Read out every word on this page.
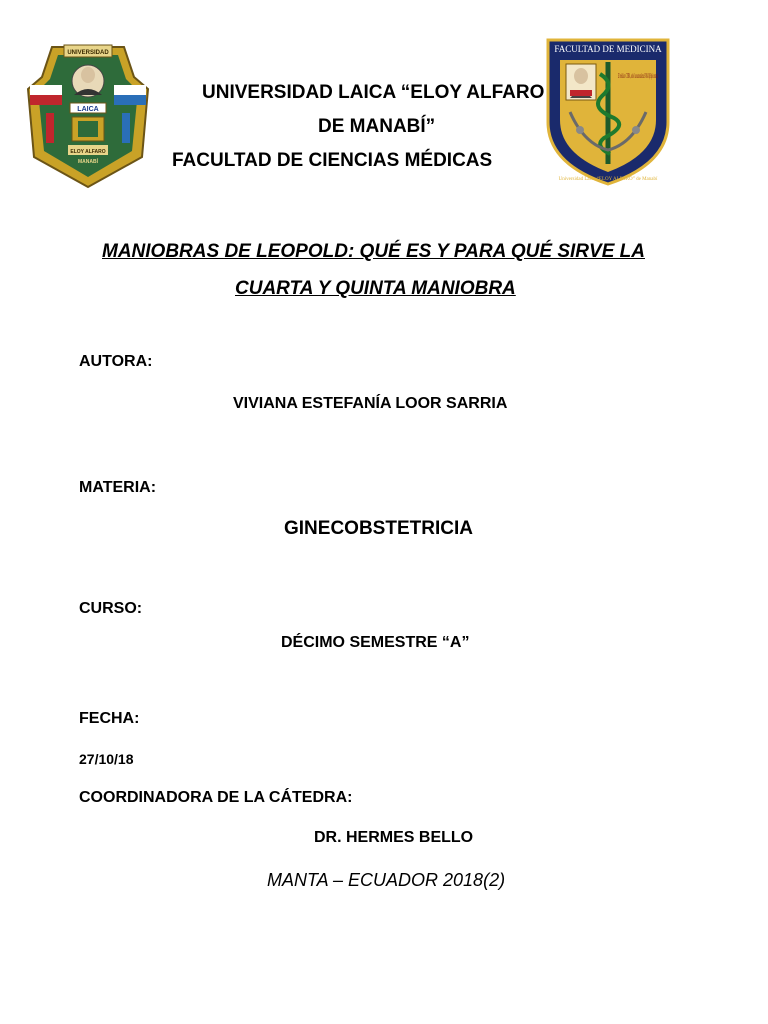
UNIVERSIDAD
LAICA
ELOY ALFARO
MANABÍ
FACULTAD DE MEDICINA
El médico CURA, solo la naturaleza SANA (Hipócrates)
Universidad Laica “ELOY ALFARO” de Manabí
UNIVERSIDAD LAICA “ELOY ALFARO
DE MANABÍ”
FACULTAD DE CIENCIAS MÉDICAS
MANIOBRAS DE LEOPOLD: QUÉ ES Y PARA QUÉ SIRVE LA
CUARTA Y QUINTA MANIOBRA
AUTORA:
VIVIANA ESTEFANÍA LOOR SARRIA
MATERIA:
GINECOBSTETRICIA
CURSO:
DÉCIMO SEMESTRE “A”
FECHA:
27/10/18
COORDINADORA DE LA CÁTEDRA:
DR. HERMES BELLO
MANTA – ECUADOR 2018(2)
